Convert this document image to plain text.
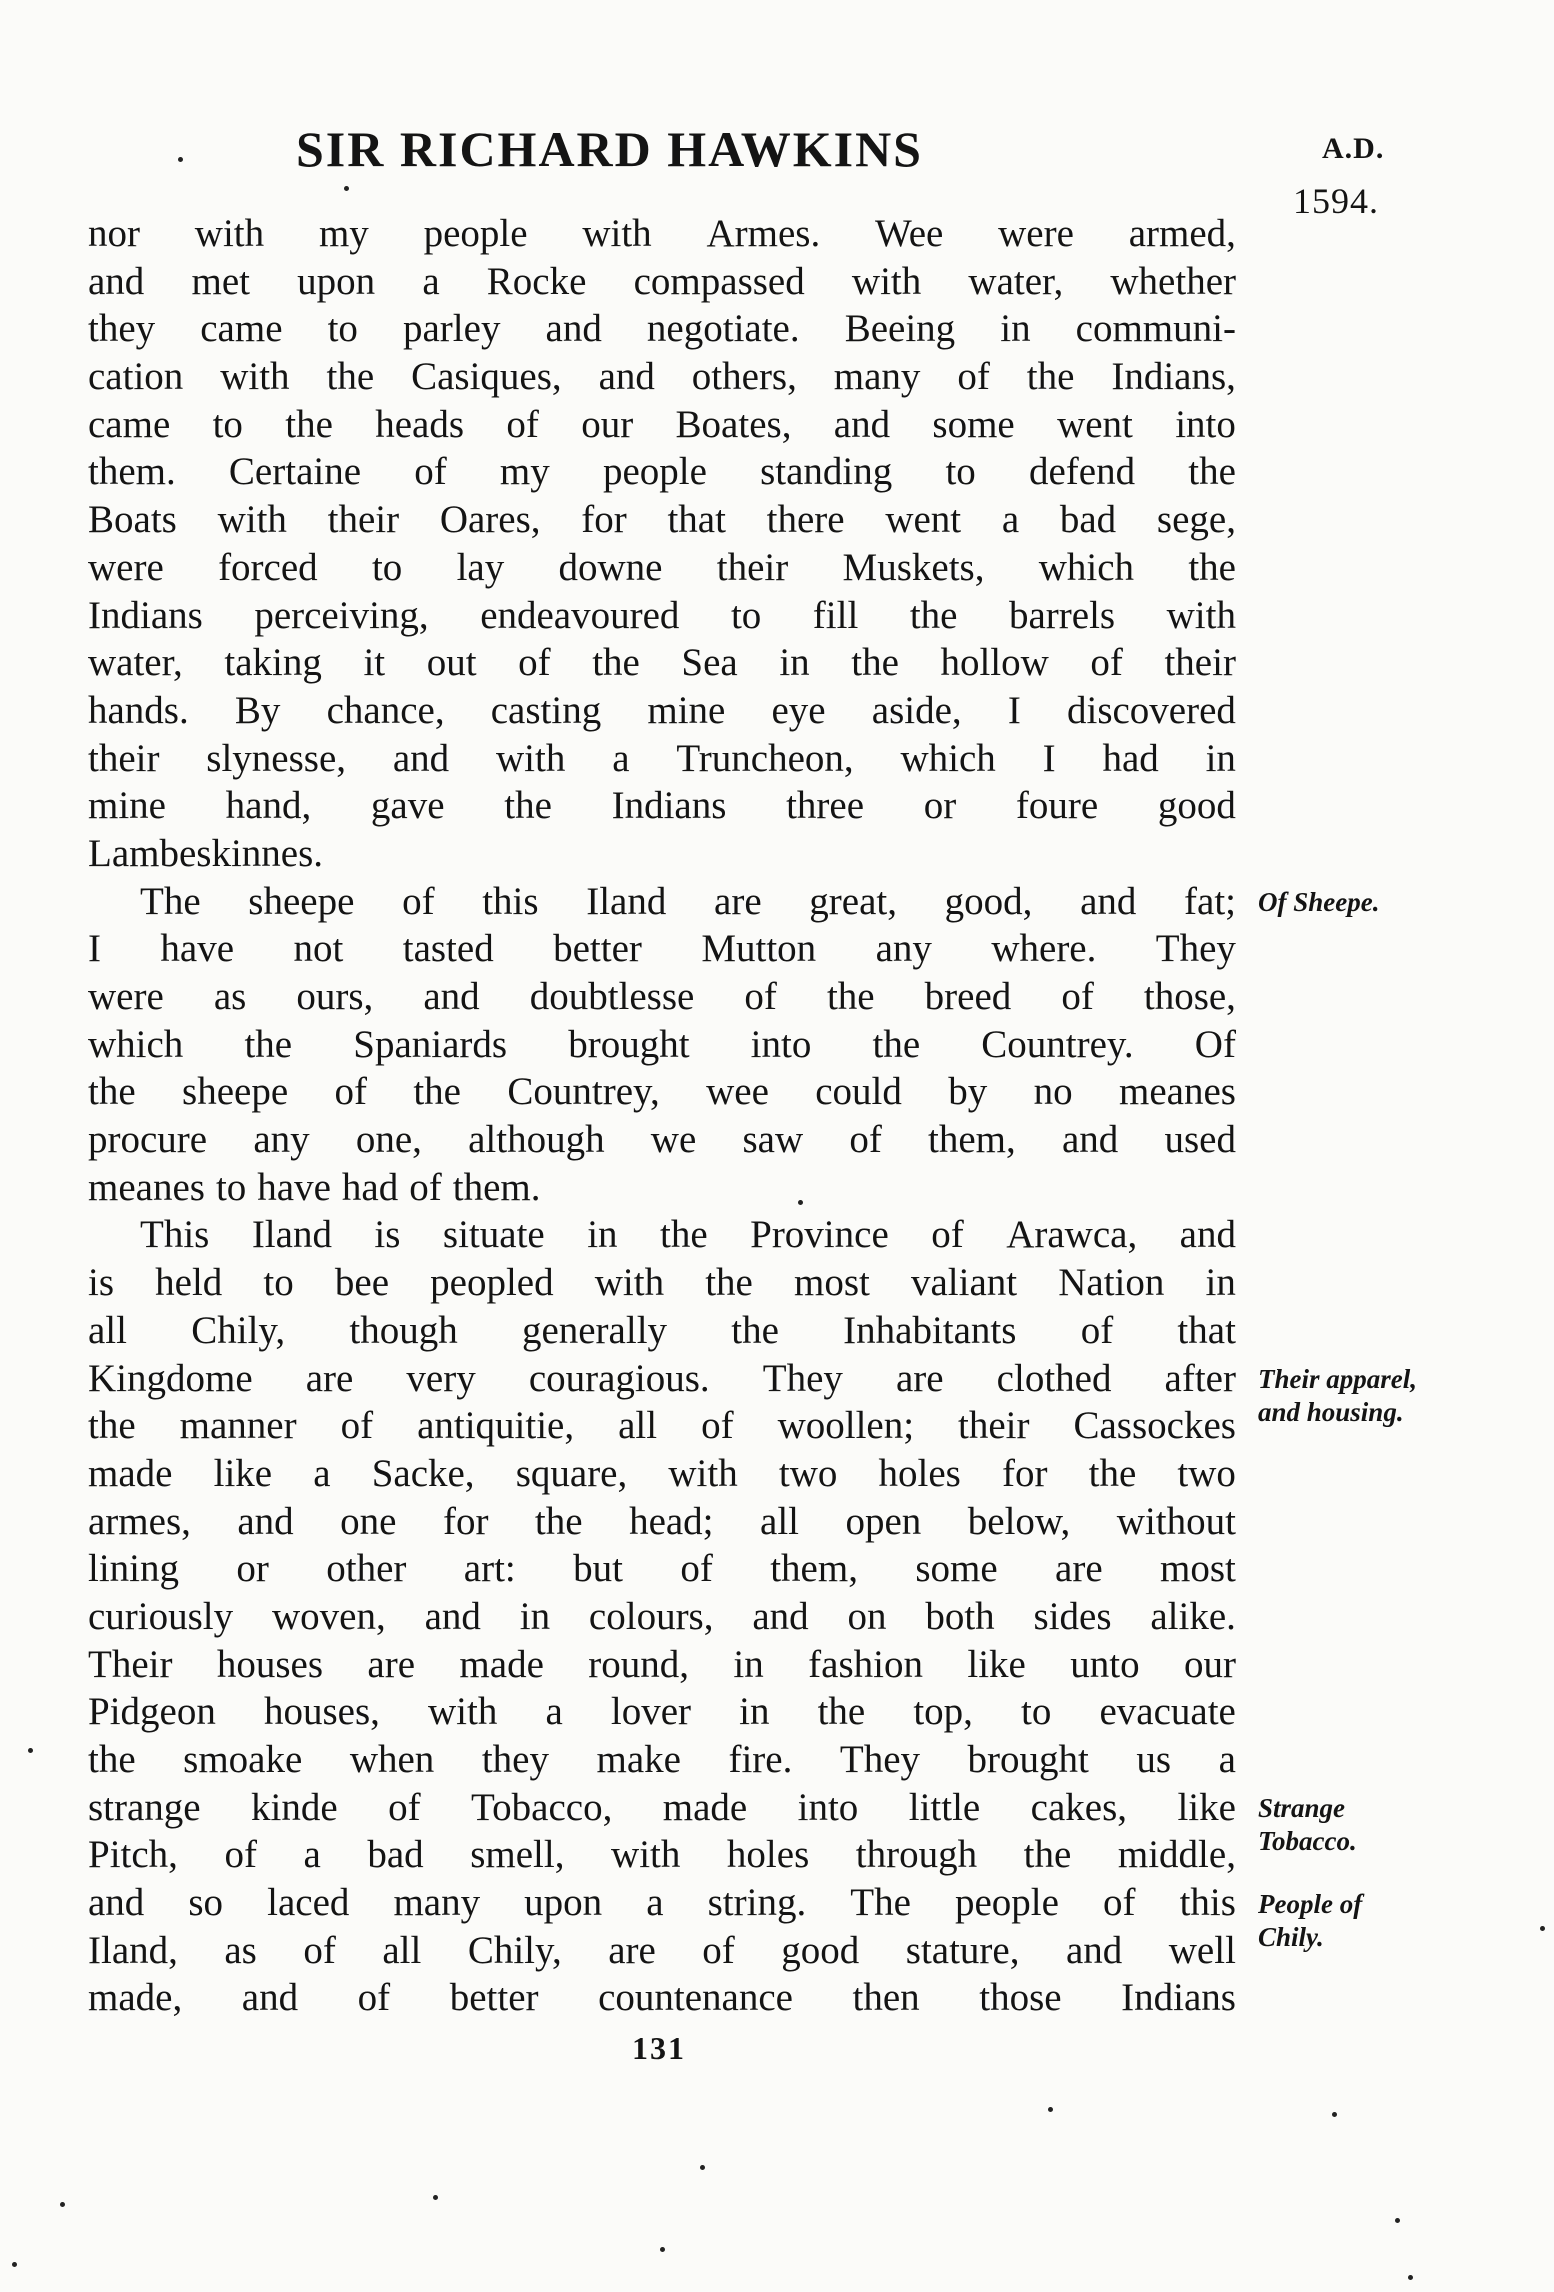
SIR RICHARD HAWKINS	A.D.
1594.
nor with my people with Armes. Wee were armed,
and met upon a Rocke compassed with water, whether
they came to parley and negotiate. Beeing in communi-
cation with the Casiques, and others, many of the Indians,
came to the heads of our Boates, and some went into
them. Certaine of my people standing to defend the
Boats with their Oares, for that there went a bad sege,
were forced to lay downe their Muskets, which the
Indians perceiving, endeavoured to fill the barrels with
water, taking it out of the Sea in the hollow of their
hands. By chance, casting mine eye aside, I discovered
their slynesse, and with a Truncheon, which I had in
mine hand, gave the Indians three or foure good
Lambeskinnes.
The sheepe of this Iland are great, good, and fat;
I have not tasted better Mutton any where. They
were as ours, and doubtlesse of the breed of those,
which the Spaniards brought into the Countrey. Of
the sheepe of the Countrey, wee could by no meanes
procure any one, although we saw of them, and used
meanes to have had of them.
This Iland is situate in the Province of Arawca, and
is held to bee peopled with the most valiant Nation in
all Chily, though generally the Inhabitants of that
Kingdome are very couragious. They are clothed after
the manner of antiquitie, all of woollen; their Cassockes
made like a Sacke, square, with two holes for the two
armes, and one for the head; all open below, without
lining or other art: but of them, some are most
curiously woven, and in colours, and on both sides alike.
Their houses are made round, in fashion like unto our
Pidgeon houses, with a lover in the top, to evacuate
the smoake when they make fire. They brought us a
strange kinde of Tobacco, made into little cakes, like
Pitch, of a bad smell, with holes through the middle,
and so laced many upon a string. The people of this
Iland, as of all Chily, are of good stature, and well
made, and of better countenance then those Indians
Of Sheepe.
Their apparel,
and housing.
Strange
Tobacco.
People of
Chily.
131
